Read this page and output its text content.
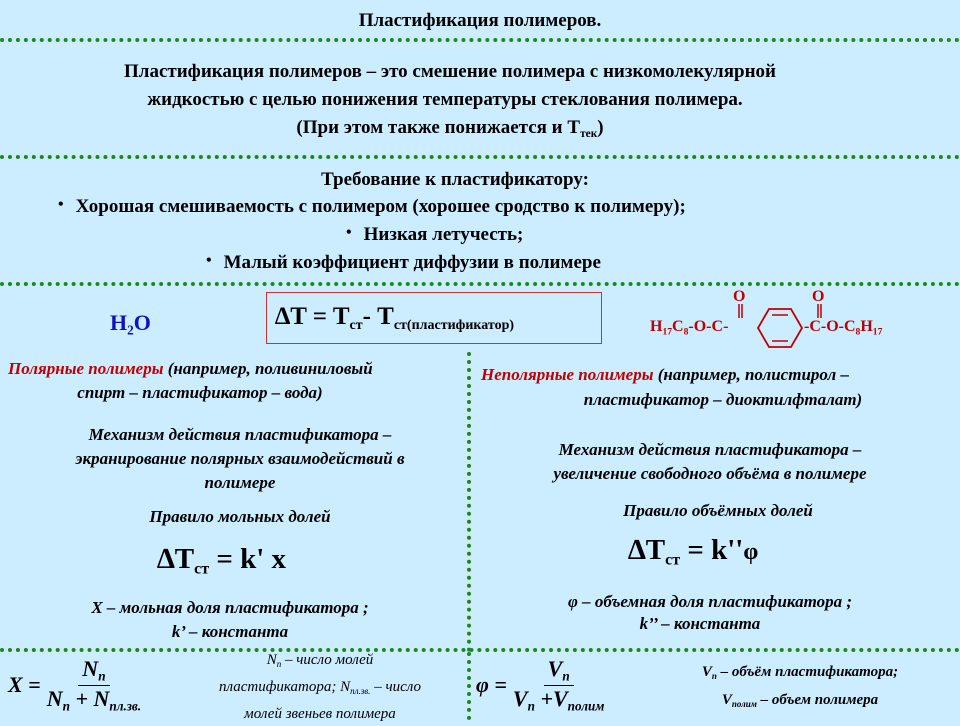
Пластификация полимеров.
Пластификация полимеров – это смешение полимера с низкомолекулярной
жидкостью с целью понижения температуры стеклования полимера.
(При этом также понижается и $Т_{тек}$)
Требование к пластификатору:
• Хорошая смешиваемость с полимером (хорошее сродство к полимеру);
• Низкая летучесть;
• Малый коэффициент диффузии в полимере
$H_2O$	$\Delta T = T_{ст}-$ $T_{ст(пластификатор)}$
O	O
$H_{17}C_8-O-C-$	$-C-O-C_8H_{17}$
Полярные полимеры (например, поливиниловый
спирт – пластификатор – вода)
Механизм действия пластификатора –
экранирование полярных взаимодействий в
полимере
Правило мольных долей
$\Delta T_{ст} = k'$ x
X – мольная доля пластификатора ;
k’ – константа
$X = \frac{N_п}{N_п + N_{пл.зв.}}$	$N_п$ – число молей
пластификатора; $N_{пл.зв.}$ – число
молей звеньев полимера
Неполярные полимеры (например, полистирол –
пластификатор – диоктилфталат)
Механизм действия пластификатора –
увеличение свободного объёма в полимере
Правило объёмных долей
$\Delta T_{ст} = k''\varphi$
φ – объемная доля пластификатора ;
k’’ – константа
$\varphi = \frac{V_п}{V_п +V_{полим}}$	$V_п$ – объём пластификатора;
$V_{полим}$ – объем полимера
